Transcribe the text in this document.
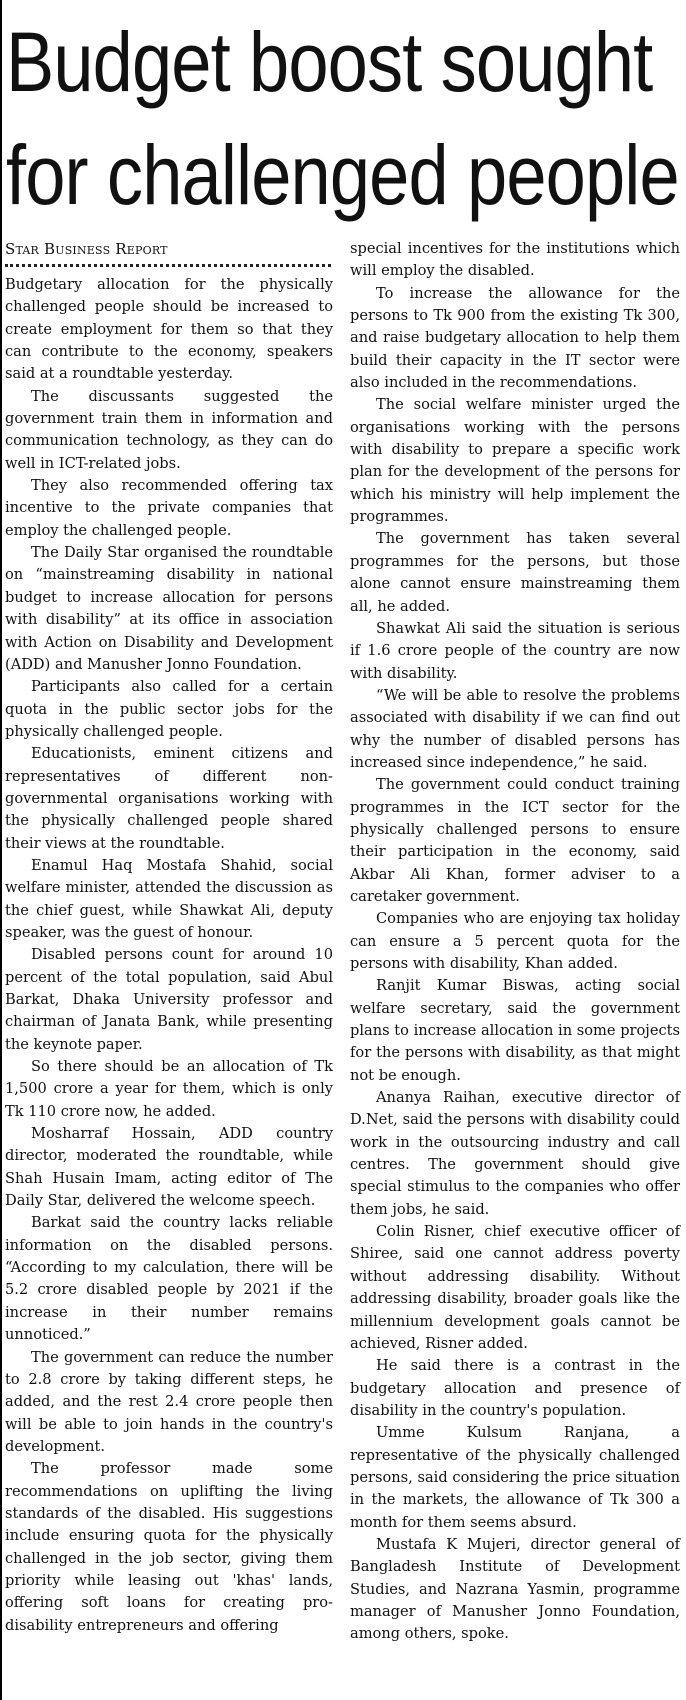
Budget boost sought
for challenged people
Star Business Report

Budgetary allocation for the physically challenged people should be increased to create employment for them so that they can contribute to the economy, speakers said at a roundtable yesterday.

The discussants suggested the government train them in information and communication technology, as they can do well in ICT-related jobs.

They also recommended offering tax incentive to the private companies that employ the challenged people.

The Daily Star organised the roundtable on “mainstreaming disability in national budget to increase allocation for persons with disability” at its office in association with Action on Disability and Development (ADD) and Manusher Jonno Foundation.

Participants also called for a certain quota in the public sector jobs for the physically challenged people.

Educationists, eminent citizens and representatives of different non-governmental organisations working with the physically challenged people shared their views at the roundtable.

Enamul Haq Mostafa Shahid, social welfare minister, attended the discussion as the chief guest, while Shawkat Ali, deputy speaker, was the guest of honour.

Disabled persons count for around 10 percent of the total population, said Abul Barkat, Dhaka University professor and chairman of Janata Bank, while presenting the keynote paper.

So there should be an allocation of Tk 1,500 crore a year for them, which is only Tk 110 crore now, he added.

Mosharraf Hossain, ADD country director, moderated the roundtable, while Shah Husain Imam, acting editor of The Daily Star, delivered the welcome speech.

Barkat said the country lacks reliable information on the disabled persons. “According to my calculation, there will be 5.2 crore disabled people by 2021 if the increase in their number remains unnoticed.”

The government can reduce the number to 2.8 crore by taking different steps, he added, and the rest 2.4 crore people then will be able to join hands in the country's development.

The professor made some recommendations on uplifting the living standards of the disabled. His suggestions include ensuring quota for the physically challenged in the job sector, giving them priority while leasing out 'khas' lands, offering soft loans for creating pro-disability entrepreneurs and offering

special incentives for the institutions which will employ the disabled.

To increase the allowance for the persons to Tk 900 from the existing Tk 300, and raise budgetary allocation to help them build their capacity in the IT sector were also included in the recommendations.

The social welfare minister urged the organisations working with the persons with disability to prepare a specific work plan for the development of the persons for which his ministry will help implement the programmes.

The government has taken several programmes for the persons, but those alone cannot ensure mainstreaming them all, he added.

Shawkat Ali said the situation is serious if 1.6 crore people of the country are now with disability.

“We will be able to resolve the problems associated with disability if we can find out why the number of disabled persons has increased since independence,” he said.

The government could conduct training programmes in the ICT sector for the physically challenged persons to ensure their participation in the economy, said Akbar Ali Khan, former adviser to a caretaker government.

Companies who are enjoying tax holiday can ensure a 5 percent quota for the persons with disability, Khan added.

Ranjit Kumar Biswas, acting social welfare secretary, said the government plans to increase allocation in some projects for the persons with disability, as that might not be enough.

Ananya Raihan, executive director of D.Net, said the persons with disability could work in the outsourcing industry and call centres. The government should give special stimulus to the companies who offer them jobs, he said.

Colin Risner, chief executive officer of Shiree, said one cannot address poverty without addressing disability. Without addressing disability, broader goals like the millennium development goals cannot be achieved, Risner added.

He said there is a contrast in the budgetary allocation and presence of disability in the country's population.

Umme Kulsum Ranjana, a representative of the physically challenged persons, said considering the price situation in the markets, the allowance of Tk 300 a month for them seems absurd.

Mustafa K Mujeri, director general of Bangladesh Institute of Development Studies, and Nazrana Yasmin, programme manager of Manusher Jonno Foundation, among others, spoke.
